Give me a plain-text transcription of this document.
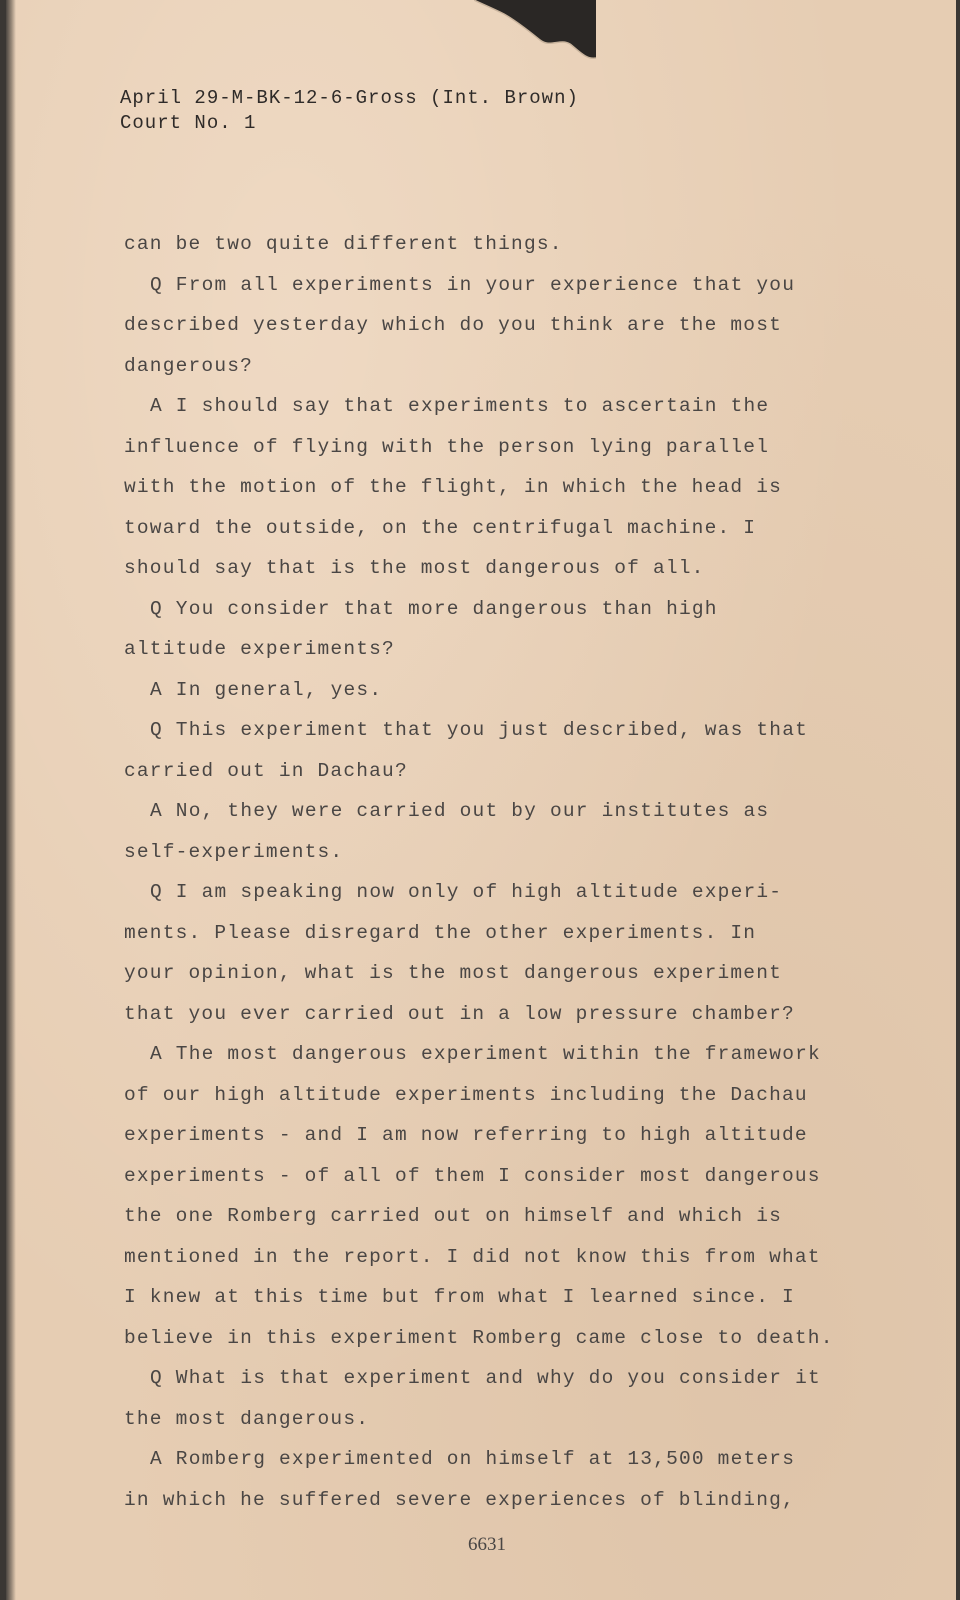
April 29-M-BK-12-6-Gross (Int. Brown)
Court No. 1
can be two quite different things.
Q From all experiments in your experience that you
described yesterday which do you think are the most
dangerous?
A I should say that experiments to ascertain the
influence of flying with the person lying parallel
with the motion of the flight, in which the head is
toward the outside, on the centrifugal machine. I
should say that is the most dangerous of all.
Q You consider that more dangerous than high
altitude experiments?
A In general, yes.
Q This experiment that you just described, was that
carried out in Dachau?
A No, they were carried out by our institutes as
self-experiments.
Q I am speaking now only of high altitude experi-
ments. Please disregard the other experiments. In
your opinion, what is the most dangerous experiment
that you ever carried out in a low pressure chamber?
A The most dangerous experiment within the framework
of our high altitude experiments including the Dachau
experiments - and I am now referring to high altitude
experiments - of all of them I consider most dangerous
the one Romberg carried out on himself and which is
mentioned in the report. I did not know this from what
I knew at this time but from what I learned since. I
believe in this experiment Romberg came close to death.
Q What is that experiment and why do you consider it
the most dangerous.
A Romberg experimented on himself at 13,500 meters
in which he suffered severe experiences of blinding,
6631
